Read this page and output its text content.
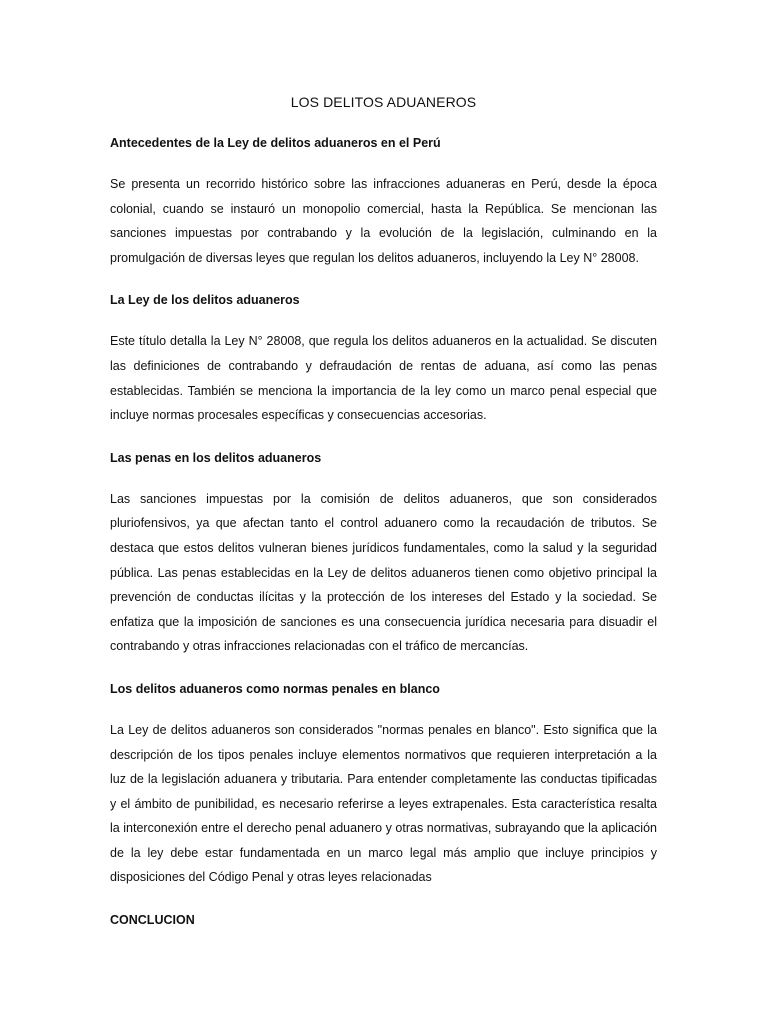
LOS DELITOS ADUANEROS
Antecedentes de la Ley de delitos aduaneros en el Perú

Se presenta un recorrido histórico sobre las infracciones aduaneras en Perú, desde la época colonial, cuando se instauró un monopolio comercial, hasta la República. Se mencionan las sanciones impuestas por contrabando y la evolución de la legislación, culminando en la promulgación de diversas leyes que regulan los delitos aduaneros, incluyendo la Ley N° 28008.

La Ley de los delitos aduaneros

Este título detalla la Ley N° 28008, que regula los delitos aduaneros en la actualidad. Se discuten las definiciones de contrabando y defraudación de rentas de aduana, así como las penas establecidas. También se menciona la importancia de la ley como un marco penal especial que incluye normas procesales específicas y consecuencias accesorias.

Las penas en los delitos aduaneros

Las sanciones impuestas por la comisión de delitos aduaneros, que son considerados pluriofensivos, ya que afectan tanto el control aduanero como la recaudación de tributos. Se destaca que estos delitos vulneran bienes jurídicos fundamentales, como la salud y la seguridad pública. Las penas establecidas en la Ley de delitos aduaneros tienen como objetivo principal la prevención de conductas ilícitas y la protección de los intereses del Estado y la sociedad. Se enfatiza que la imposición de sanciones es una consecuencia jurídica necesaria para disuadir el contrabando y otras infracciones relacionadas con el tráfico de mercancías.

Los delitos aduaneros como normas penales en blanco

La Ley de delitos aduaneros son considerados "normas penales en blanco". Esto significa que la descripción de los tipos penales incluye elementos normativos que requieren interpretación a la luz de la legislación aduanera y tributaria. Para entender completamente las conductas tipificadas y el ámbito de punibilidad, es necesario referirse a leyes extrapenales. Esta característica resalta la interconexión entre el derecho penal aduanero y otras normativas, subrayando que la aplicación de la ley debe estar fundamentada en un marco legal más amplio que incluye principios y disposiciones del Código Penal y otras leyes relacionadas

CONCLUCION
